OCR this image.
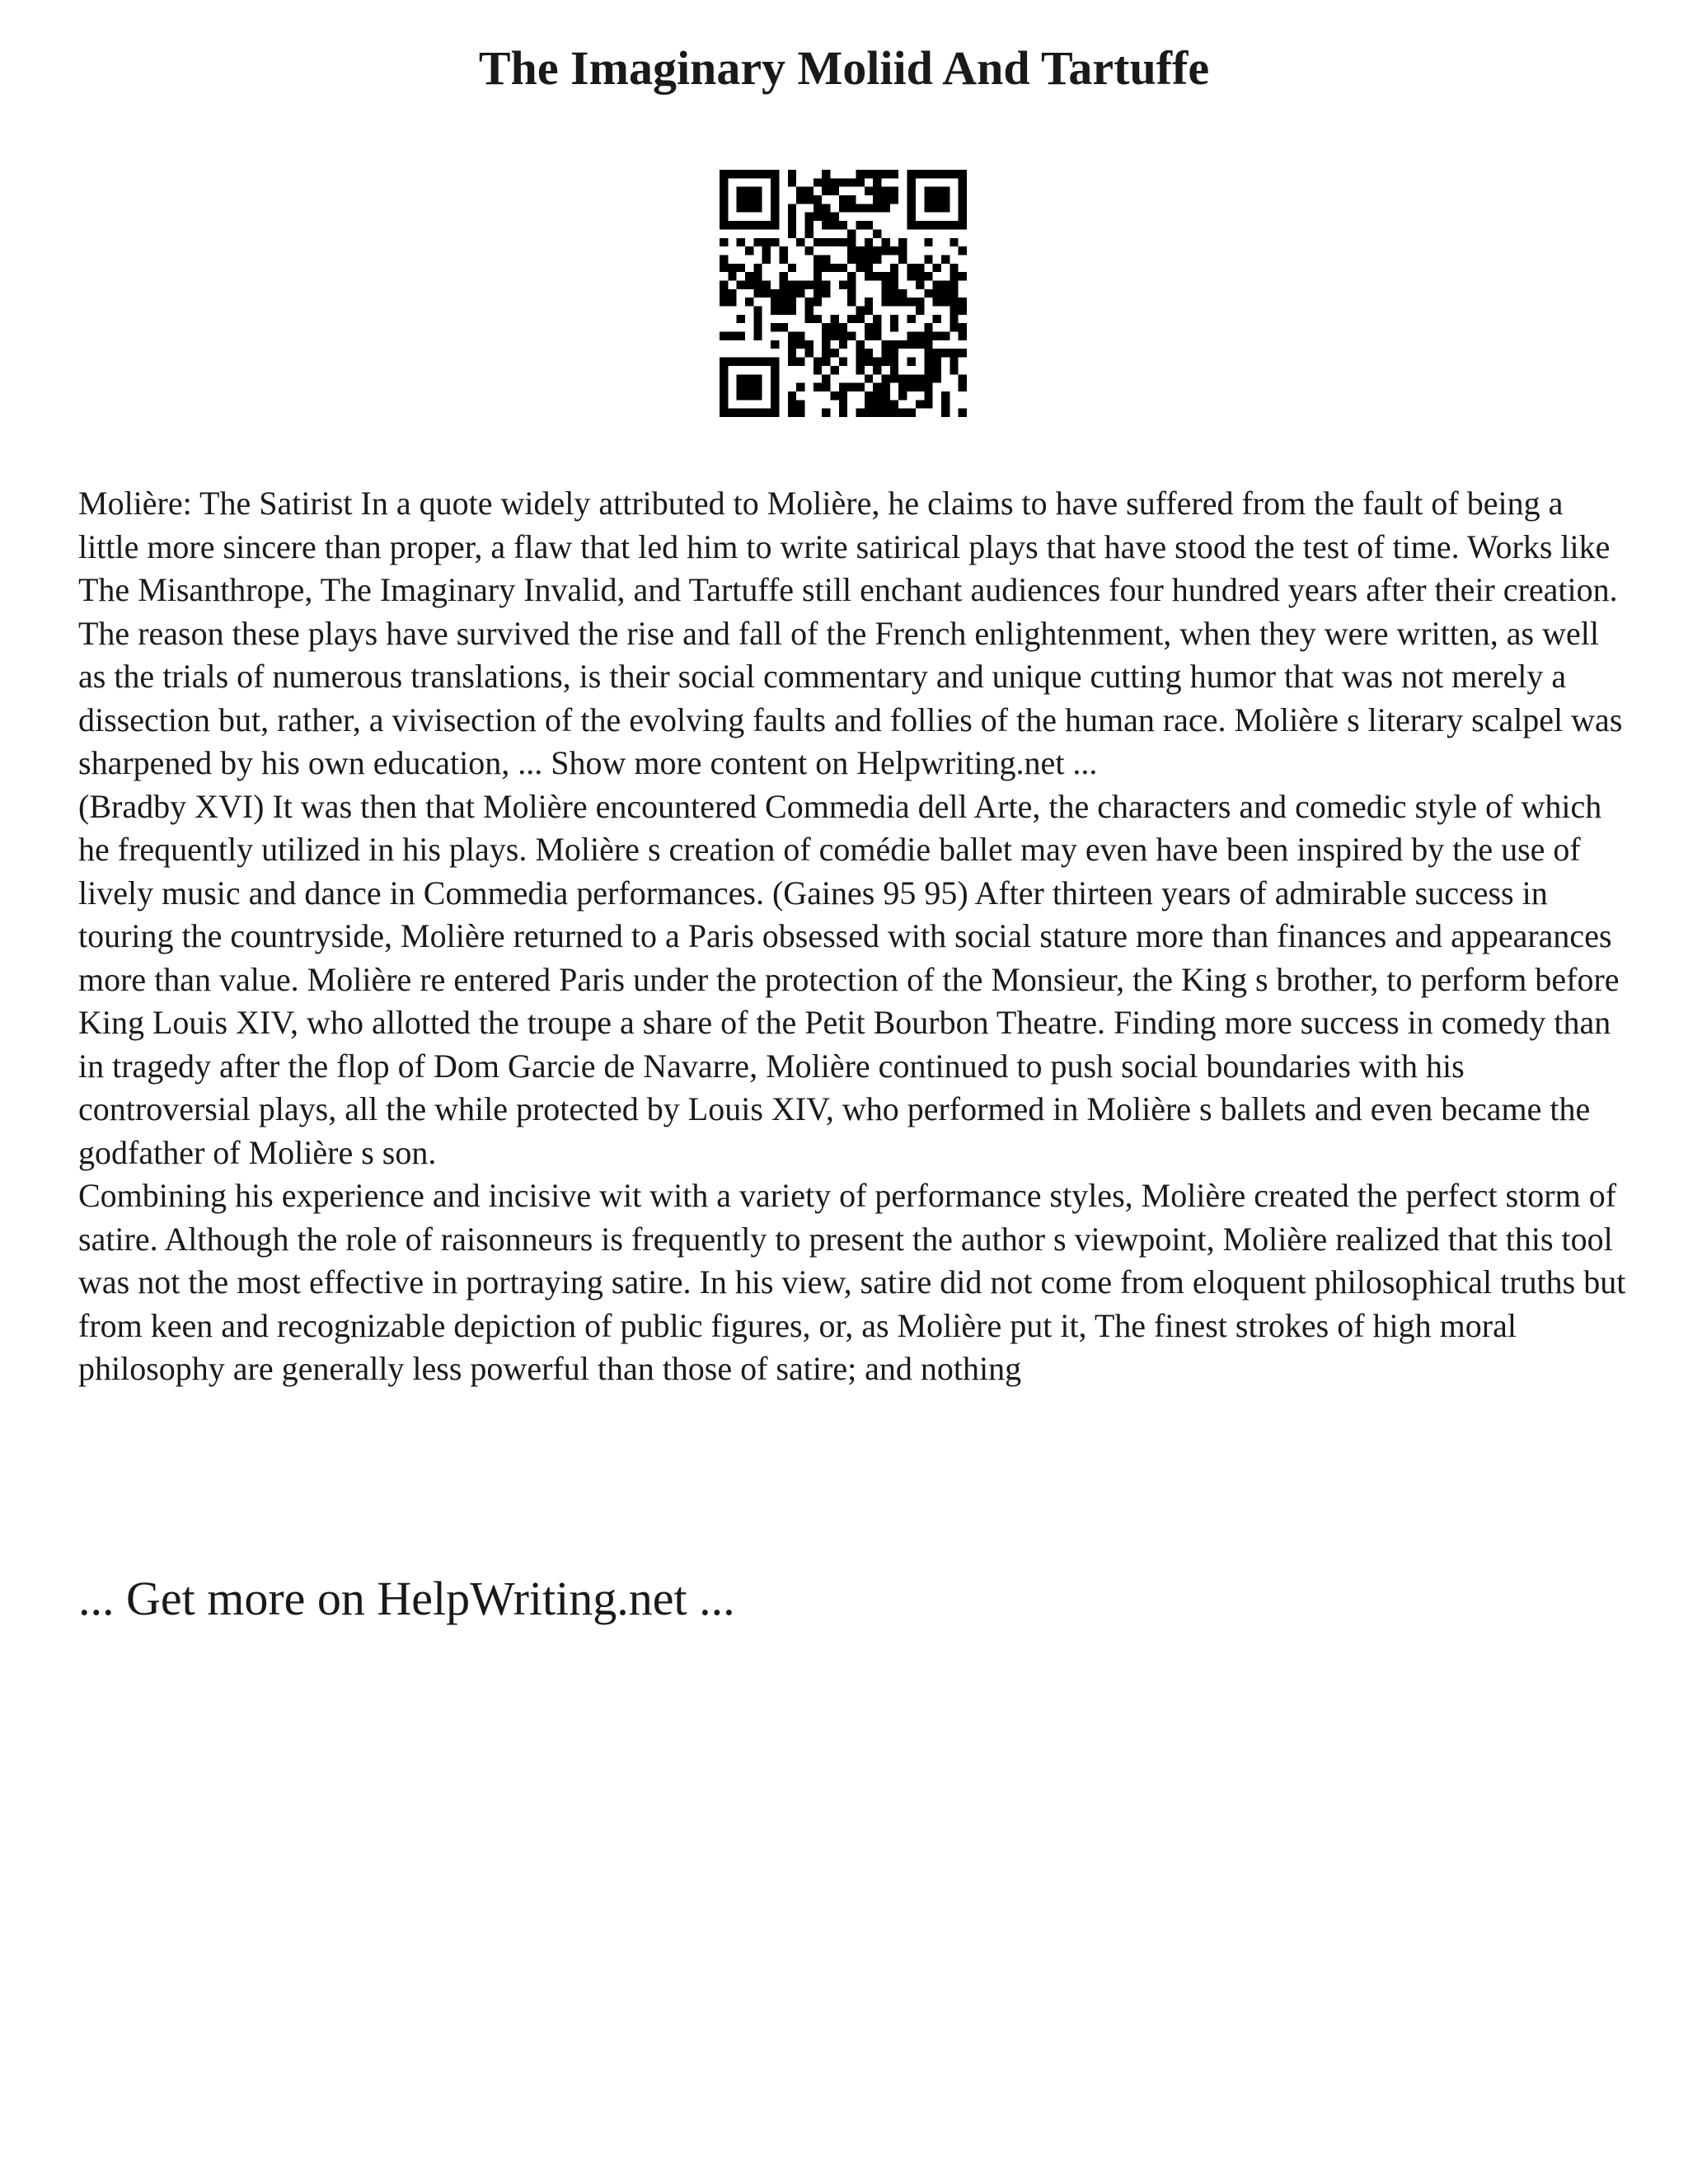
The Imaginary Moliid And Tartuffe

Molière: The Satirist In a quote widely attributed to Molière, he claims to have suffered from the fault of being a little more sincere than proper, a flaw that led him to write satirical plays that have stood the test of time. Works like The Misanthrope, The Imaginary Invalid, and Tartuffe still enchant audiences four hundred years after their creation. The reason these plays have survived the rise and fall of the French enlightenment, when they were written, as well as the trials of numerous translations, is their social commentary and unique cutting humor that was not merely a dissection but, rather, a vivisection of the evolving faults and follies of the human race. Molière s literary scalpel was sharpened by his own education, ... Show more content on Helpwriting.net ...

(Bradby XVI) It was then that Molière encountered Commedia dell Arte, the characters and comedic style of which he frequently utilized in his plays. Molière s creation of comédie ballet may even have been inspired by the use of lively music and dance in Commedia performances. (Gaines 95 95) After thirteen years of admirable success in touring the countryside, Molière returned to a Paris obsessed with social stature more than finances and appearances more than value. Molière re entered Paris under the protection of the Monsieur, the King s brother, to perform before King Louis XIV, who allotted the troupe a share of the Petit Bourbon Theatre. Finding more success in comedy than in tragedy after the flop of Dom Garcie de Navarre, Molière continued to push social boundaries with his controversial plays, all the while protected by Louis XIV, who performed in Molière s ballets and even became the godfather of Molière s son.

Combining his experience and incisive wit with a variety of performance styles, Molière created the perfect storm of satire. Although the role of raisonneurs is frequently to present the author s viewpoint, Molière realized that this tool was not the most effective in portraying satire. In his view, satire did not come from eloquent philosophical truths but from keen and recognizable depiction of public figures, or, as Molière put it, The finest strokes of high moral philosophy are generally less powerful than those of satire; and nothing

... Get more on HelpWriting.net ...
